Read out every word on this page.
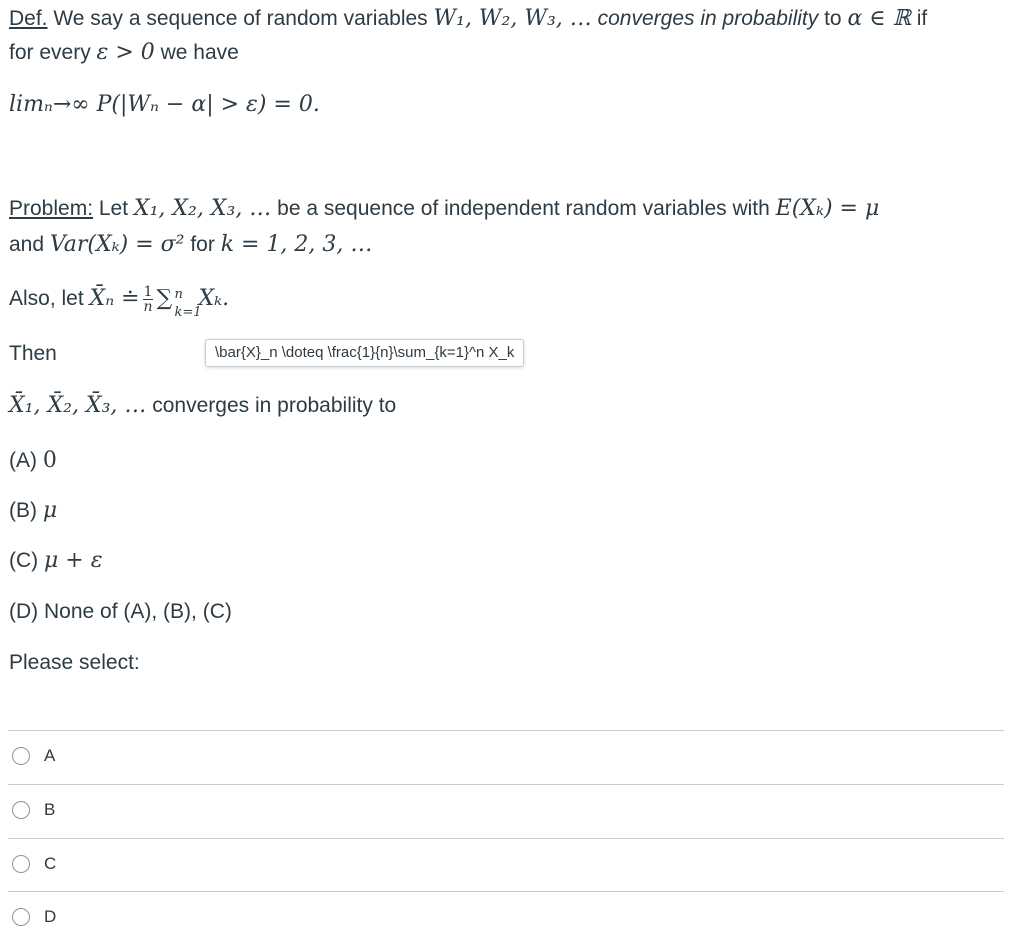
Def. We say a sequence of random variables W₁, W₂, W₃, … converges in probability to α ∈ ℝ if
for every ε > 0 we have
limₙ→∞ P(|Wₙ − α| > ε) = 0.
Problem: Let X₁, X₂, X₃, … be a sequence of independent random variables with E(Xₖ) = μ
and Var(Xₖ) = σ² for k = 1, 2, 3, …
Also, let X̄ₙ ≐ $\frac{1}{n}$ ∑ n
k=1
Xₖ.
Then	\bar{X}_n \doteq \frac{1}{n}\sum_{k=1}^n X_k
X̄₁, X̄₂, X̄₃, … converges in probability to
(A) 0
(B) μ
(C) μ + ε
(D) None of (A), (B), (C)
Please select:
A
B
C
D
